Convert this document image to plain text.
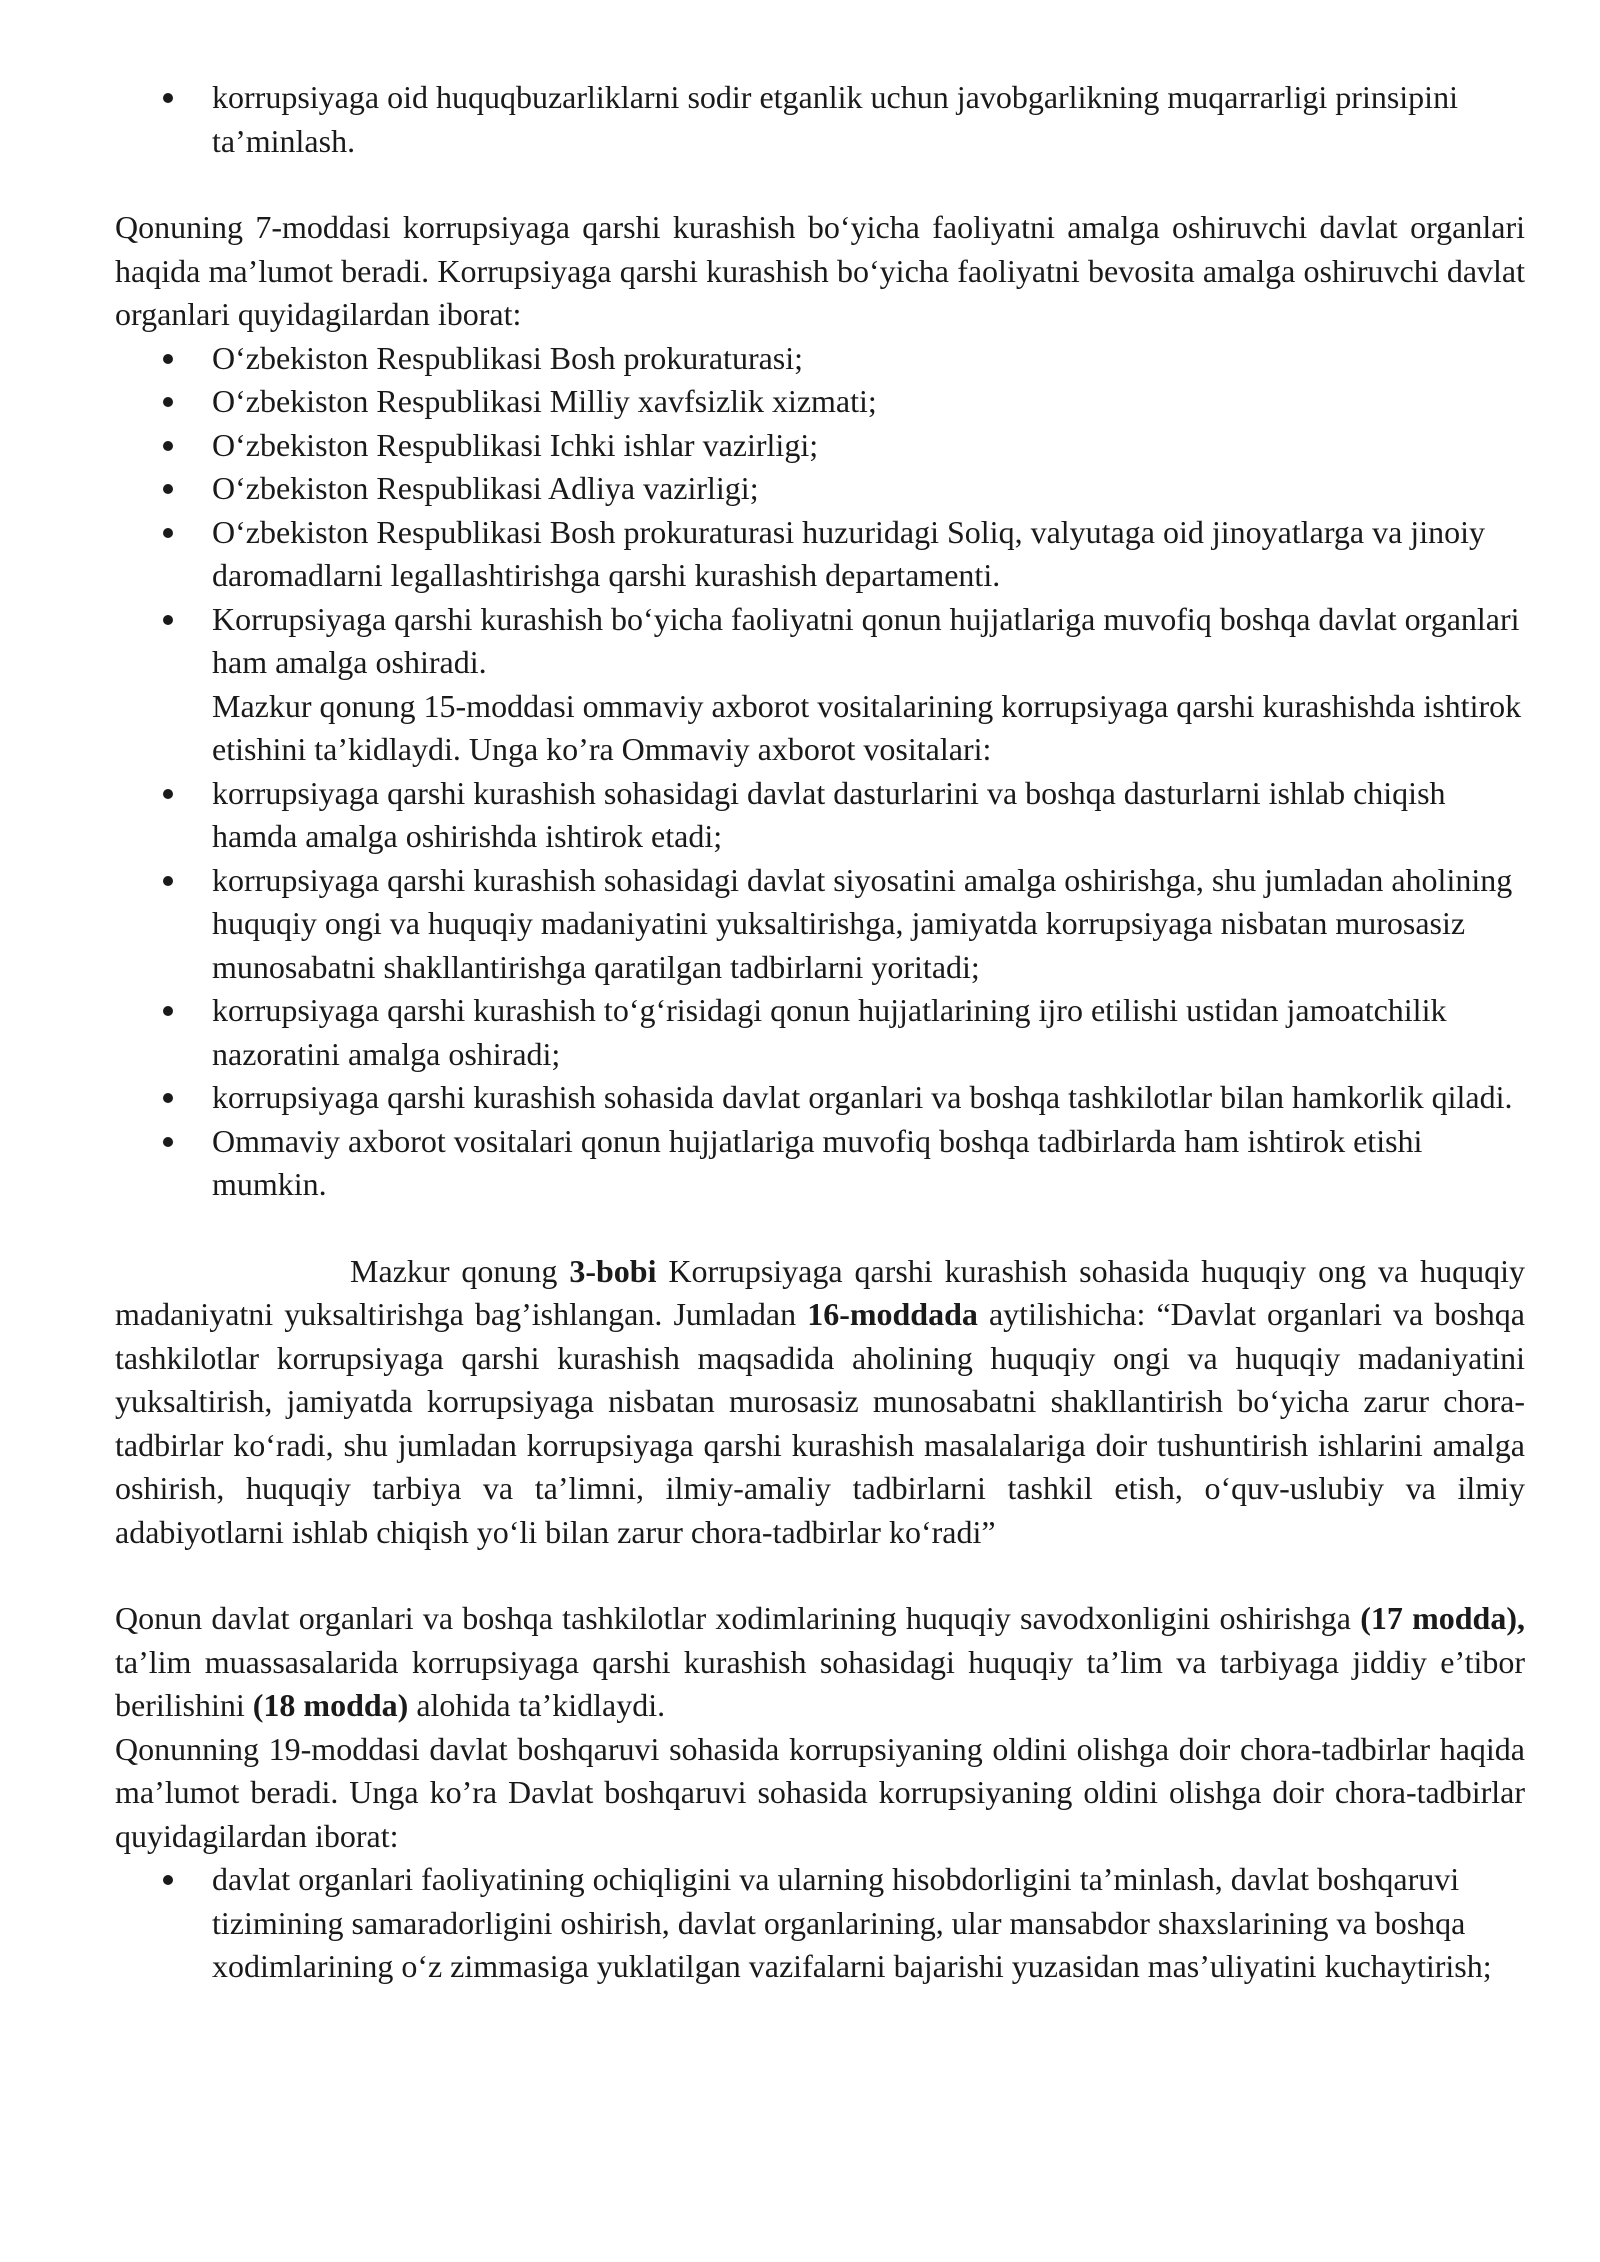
korrupsiyaga oid huquqbuzarliklarni sodir etganlik uchun javobgarlikning muqarrarligi prinsipini ta’minlash.

Qonuning 7-moddasi korrupsiyaga qarshi kurashish bo‘yicha faoliyatni amalga oshiruvchi davlat organlari haqida ma’lumot beradi. Korrupsiyaga qarshi kurashish bo‘yicha faoliyatni bevosita amalga oshiruvchi davlat organlari quyidagilardan iborat:

O‘zbekiston Respublikasi Bosh prokuraturasi;
O‘zbekiston Respublikasi Milliy xavfsizlik xizmati;
O‘zbekiston Respublikasi Ichki ishlar vazirligi;
O‘zbekiston Respublikasi Adliya vazirligi;
O‘zbekiston Respublikasi Bosh prokuraturasi huzuridagi Soliq, valyutaga oid jinoyatlarga va jinoiy daromadlarni legallashtirishga qarshi kurashish departamenti.
Korrupsiyaga qarshi kurashish bo‘yicha faoliyatni qonun hujjatlariga muvofiq boshqa davlat organlari ham amalga oshiradi.

Mazkur qonung 15-moddasi ommaviy axborot vositalarining korrupsiyaga qarshi kurashishda ishtirok etishini ta’kidlaydi. Unga ko’ra Ommaviy axborot vositalari:

korrupsiyaga qarshi kurashish sohasidagi davlat dasturlarini va boshqa dasturlarni ishlab chiqish hamda amalga oshirishda ishtirok etadi;
korrupsiyaga qarshi kurashish sohasidagi davlat siyosatini amalga oshirishga, shu jumladan aholining huquqiy ongi va huquqiy madaniyatini yuksaltirishga, jamiyatda korrupsiyaga nisbatan murosasiz munosabatni shakllantirishga qaratilgan tadbirlarni yoritadi;
korrupsiyaga qarshi kurashish to‘g‘risidagi qonun hujjatlarining ijro etilishi ustidan jamoatchilik nazoratini amalga oshiradi;
korrupsiyaga qarshi kurashish sohasida davlat organlari va boshqa tashkilotlar bilan hamkorlik qiladi.
Ommaviy axborot vositalari qonun hujjatlariga muvofiq boshqa tadbirlarda ham ishtirok etishi mumkin.

Mazkur qonung 3-bobi Korrupsiyaga qarshi kurashish sohasida huquqiy ong va huquqiy madaniyatni yuksaltirishga bag’ishlangan. Jumladan 16-moddada aytilishicha: “Davlat organlari va boshqa tashkilotlar korrupsiyaga qarshi kurashish maqsadida aholining huquqiy ongi va huquqiy madaniyatini yuksaltirish, jamiyatda korrupsiyaga nisbatan murosasiz munosabatni shakllantirish bo‘yicha zarur chora-tadbirlar ko‘radi, shu jumladan korrupsiyaga qarshi kurashish masalalariga doir tushuntirish ishlarini amalga oshirish, huquqiy tarbiya va ta’limni, ilmiy-amaliy tadbirlarni tashkil etish, o‘quv-uslubiy va ilmiy adabiyotlarni ishlab chiqish yo‘li bilan zarur chora-tadbirlar ko‘radi”

Qonun davlat organlari va boshqa tashkilotlar xodimlarining huquqiy savodxonligini oshirishga (17 modda), ta’lim muassasalarida korrupsiyaga qarshi kurashish sohasidagi huquqiy ta’lim va tarbiyaga jiddiy e’tibor berilishini (18 modda) alohida ta’kidlaydi.

Qonunning 19-moddasi davlat boshqaruvi sohasida korrupsiyaning oldini olishga doir chora-tadbirlar haqida ma’lumot beradi. Unga ko’ra Davlat boshqaruvi sohasida korrupsiyaning oldini olishga doir chora-tadbirlar quyidagilardan iborat:

davlat organlari faoliyatining ochiqligini va ularning hisobdorligini ta’minlash, davlat boshqaruvi tizimining samaradorligini oshirish, davlat organlarining, ular mansabdor shaxslarining va boshqa xodimlarining o‘z zimmasiga yuklatilgan vazifalarni bajarishi yuzasidan mas’uliyatini kuchaytirish;
